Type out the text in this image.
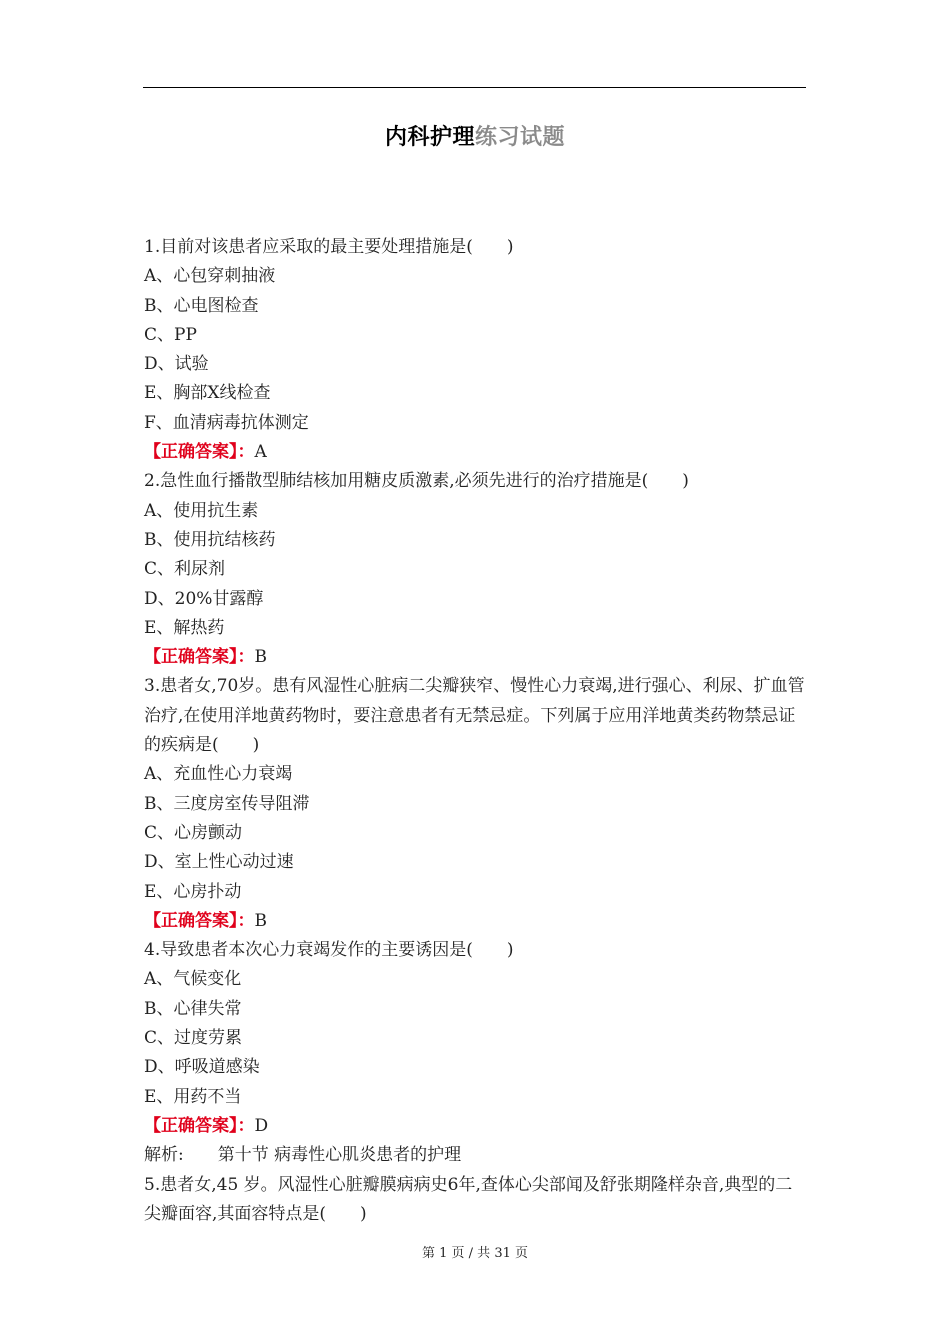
内科护理练习试题
1.目前对该患者应采取的最主要处理措施是(　　)
A、心包穿刺抽液
B、心电图检查
C、PP
D、试验
E、胸部X线检查
F、血清病毒抗体测定
【正确答案】：A
2.急性血行播散型肺结核加用糖皮质激素,必须先进行的治疗措施是(　　)
A、使用抗生素
B、使用抗结核药
C、利尿剂
D、20%甘露醇
E、解热药
【正确答案】：B
3.患者女,70岁。患有风湿性心脏病二尖瓣狭窄、慢性心力衰竭,进行强心、利尿、扩血管治疗,在使用洋地黄药物时，要注意患者有无禁忌症。下列属于应用洋地黄类药物禁忌证的疾病是(　　)
A、充血性心力衰竭
B、三度房室传导阻滞
C、心房颤动
D、室上性心动过速
E、心房扑动
【正确答案】：B
4.导致患者本次心力衰竭发作的主要诱因是(　　)
A、气候变化
B、心律失常
C、过度劳累
D、呼吸道感染
E、用药不当
【正确答案】：D
解析:　　第十节 病毒性心肌炎患者的护理
5.患者女,45 岁。风湿性心脏瓣膜病病史6年,查体心尖部闻及舒张期隆样杂音,典型的二尖瓣面容,其面容特点是(　　)
第 1 页 / 共 31 页
